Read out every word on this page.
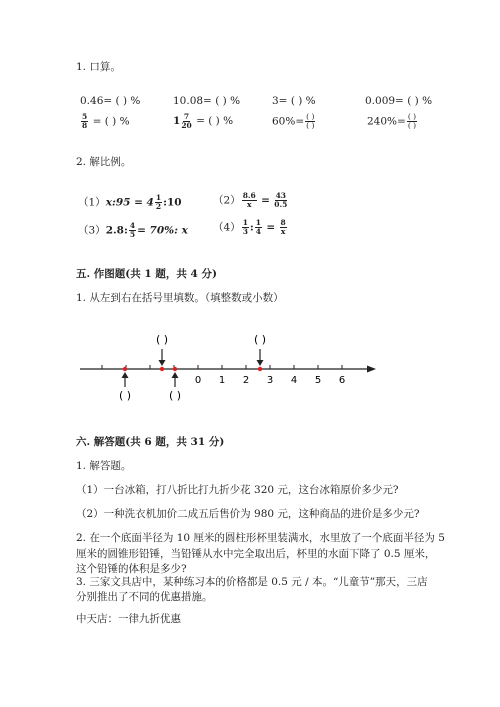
1. 口算。
0.46= ( ) %	10.08= ( ) %	3= ( ) %	0.009= ( ) %
$\frac{5}{8}$ = ( ) %	$1 \frac{7}{20}$ = ( ) %	$60\%= \frac{( )}{( )}$	$240\%= \frac{( )}{( )}$
2. 解比例。
（1）x:95 = $4 \frac{1}{2}$ :10	$(2) \frac{8.6}{x} = \frac{43}{0.5}$
（3）2.8: $\frac{4}{5} = 70\%$: x $(4) \frac{1}{3}$ : $\frac{1}{4} = \frac{8}{x}$
五. 作图题(共 1 题，共 4 分)
1. 从左到右在括号里填数。（填整数或小数）
0 1 2 3 4 5 6
( )	( )
( )	( )
六. 解答题(共 6 题，共 31 分)
1. 解答题。
（1）一台冰箱，打八折比打九折少花 320 元，这台冰箱原价多少元?
（2）一种洗衣机加价二成五后售价为 980 元，这种商品的进价是多少元?
2. 在一个底面半径为 10 厘米的圆柱形杯里装满水，水里放了一个底面半径为 5
厘米的圆锥形铅锤，当铅锤从水中完全取出后，杯里的水面下降了 0.5 厘米，
这个铅锤的体积是多少?
3. 三家文具店中，某种练习本的价格都是 0.5 元 / 本。“儿童节”那天，三店
分别推出了不同的优惠措施。
中天店：一律九折优惠
